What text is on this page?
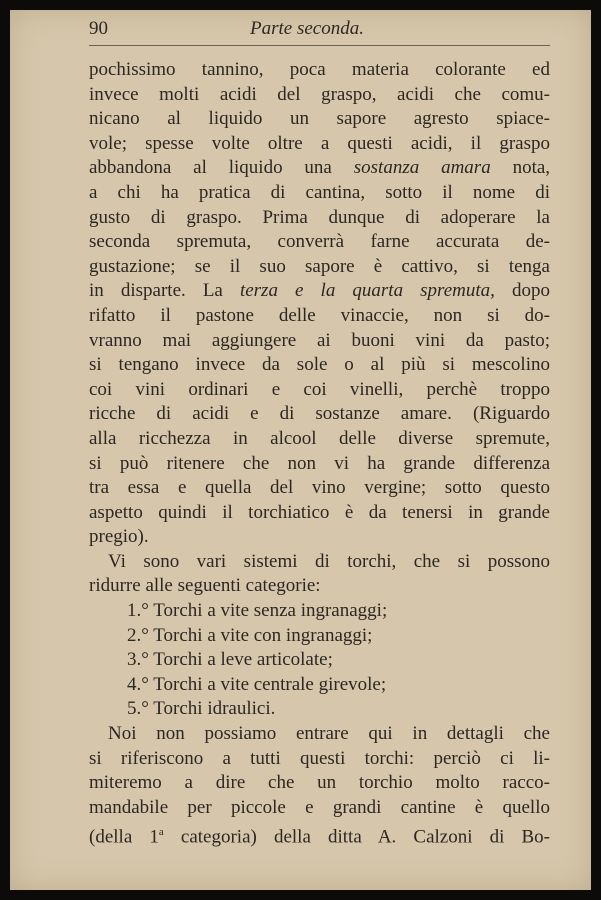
90	Parte seconda.
pochissimo tannino, poca materia colorante ed
invece molti acidi del graspo, acidi che comu-
nicano al liquido un sapore agresto spiace-
vole; spesse volte oltre a questi acidi, il graspo
abbandona al liquido una sostanza amara nota,
a chi ha pratica di cantina, sotto il nome di
gusto di graspo. Prima dunque di adoperare la
seconda spremuta, converrà farne accurata de-
gustazione; se il suo sapore è cattivo, si tenga
in disparte. La terza e la quarta spremuta, dopo
rifatto il pastone delle vinaccie, non si do-
vranno mai aggiungere ai buoni vini da pasto;
si tengano invece da sole o al più si mescolino
coi vini ordinari e coi vinelli, perchè troppo
ricche di acidi e di sostanze amare. (Riguardo
alla ricchezza in alcool delle diverse spremute,
si può ritenere che non vi ha grande differenza
tra essa e quella del vino vergine; sotto questo
aspetto quindi il torchiatico è da tenersi in grande
pregio).
Vi sono vari sistemi di torchi, che si possono
ridurre alle seguenti categorie:
1.° Torchi a vite senza ingranaggi;
2.° Torchi a vite con ingranaggi;
3.° Torchi a leve articolate;
4.° Torchi a vite centrale girevole;
5.° Torchi idraulici.
Noi non possiamo entrare qui in dettagli che
si riferiscono a tutti questi torchi: perciò ci li-
miteremo a dire che un torchio molto racco-
mandabile per piccole e grandi cantine è quello
(della 1$^a$ categoria) della ditta A. Calzoni di Bo-
